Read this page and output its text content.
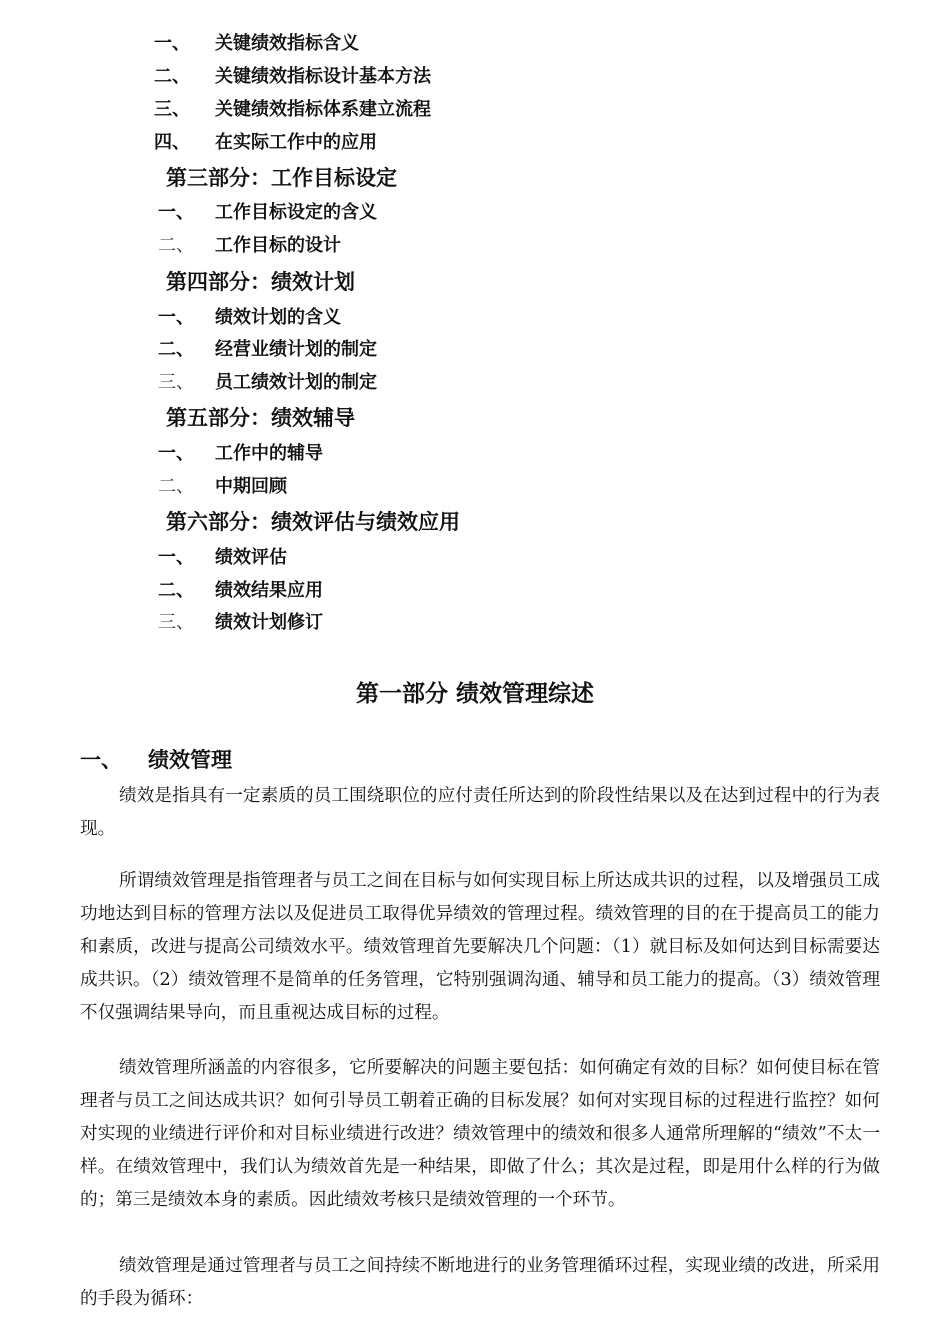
一、 关键绩效指标含义
二、 关键绩效指标设计基本方法
三、 关键绩效指标体系建立流程
四、 在实际工作中的应用
第三部分：工作目标设定
一、 工作目标设定的含义
二、 工作目标的设计
第四部分：绩效计划
一、 绩效计划的含义
二、 经营业绩计划的制定
三、 员工绩效计划的制定
第五部分：绩效辅导
一、 工作中的辅导
二、 中期回顾
第六部分：绩效评估与绩效应用
一、 绩效评估
二、 绩效结果应用
三、 绩效计划修订
第一部分 绩效管理综述
一、 绩效管理

绩效是指具有一定素质的员工围绕职位的应付责任所达到的阶段性结果以及在达到过程中的行为表现。

所谓绩效管理是指管理者与员工之间在目标与如何实现目标上所达成共识的过程，以及增强员工成功地达到目标的管理方法以及促进员工取得优异绩效的管理过程。绩效管理的目的在于提高员工的能力和素质，改进与提高公司绩效水平。绩效管理首先要解决几个问题：（1）就目标及如何达到目标需要达成共识。（2）绩效管理不是简单的任务管理，它特别强调沟通、辅导和员工能力的提高。（3）绩效管理不仅强调结果导向，而且重视达成目标的过程。

绩效管理所涵盖的内容很多，它所要解决的问题主要包括：如何确定有效的目标？如何使目标在管理者与员工之间达成共识？如何引导员工朝着正确的目标发展？如何对实现目标的过程进行监控？如何对实现的业绩进行评价和对目标业绩进行改进？绩效管理中的绩效和很多人通常所理解的“绩效”不太一样。在绩效管理中，我们认为绩效首先是一种结果，即做了什么；其次是过程，即是用什么样的行为做的；第三是绩效本身的素质。因此绩效考核只是绩效管理的一个环节。

绩效管理是通过管理者与员工之间持续不断地进行的业务管理循环过程，实现业绩的改进，所采用的手段为循环：
